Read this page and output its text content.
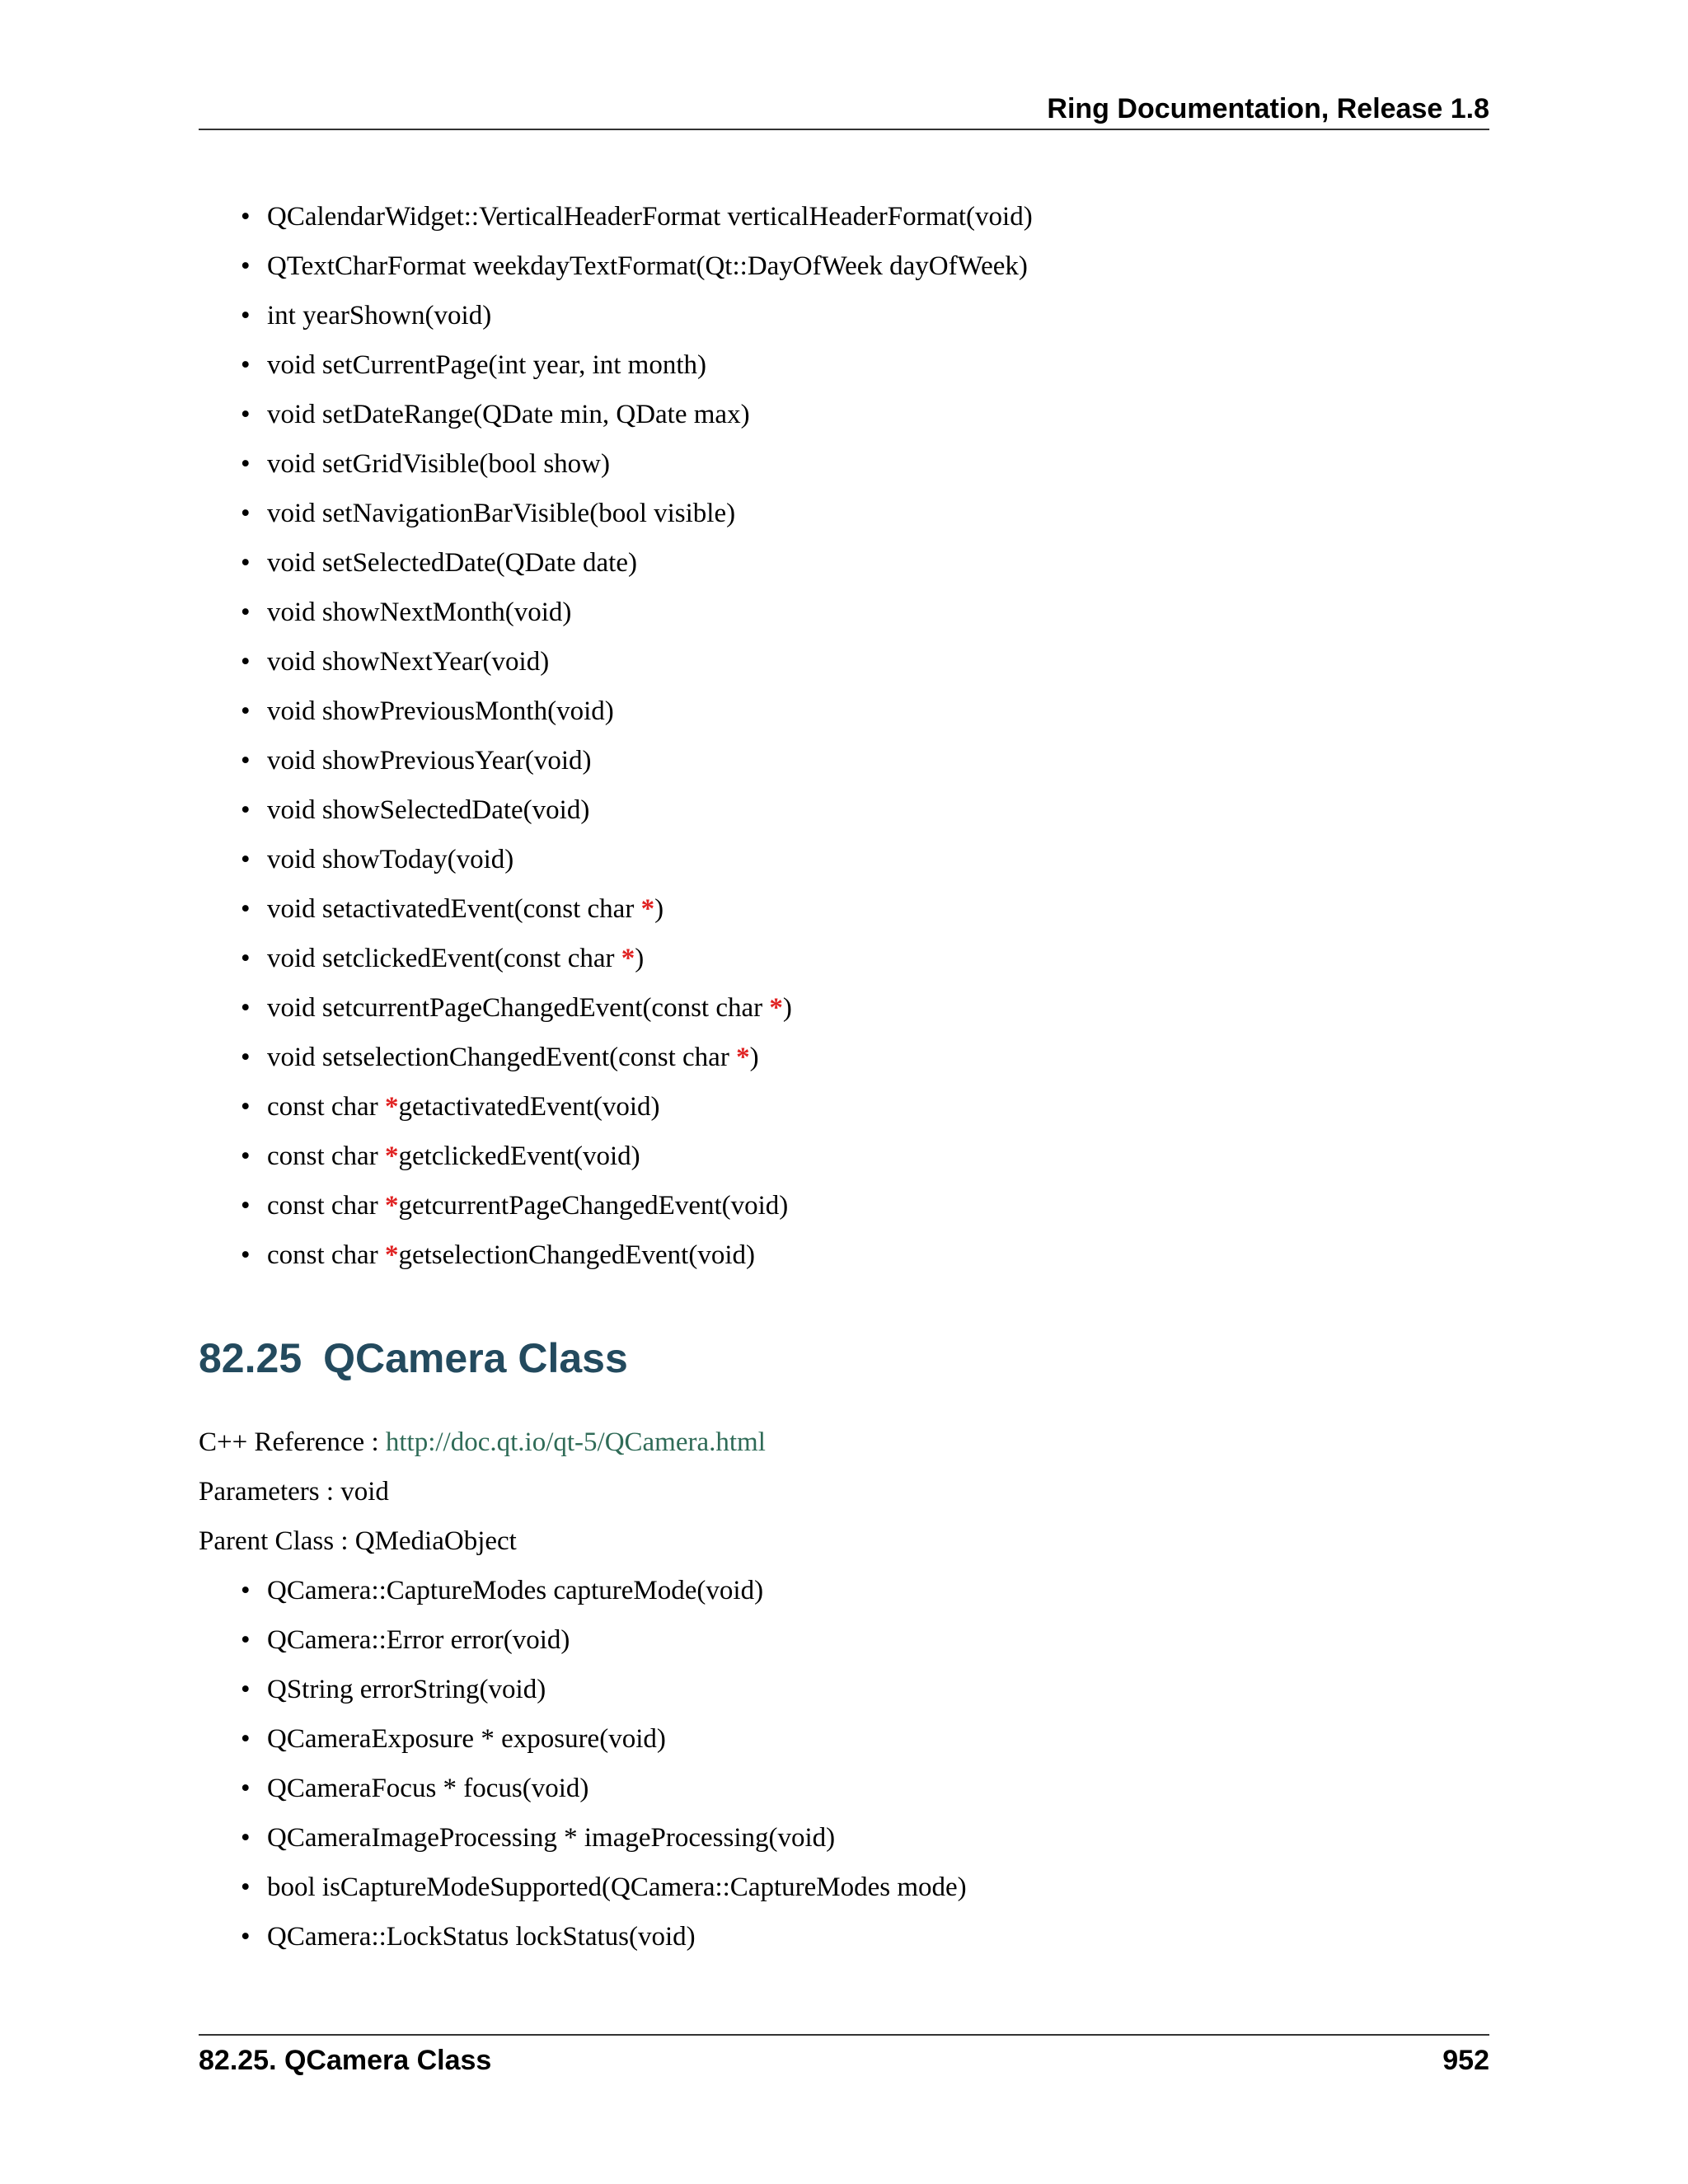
Ring Documentation, Release 1.8
• QCalendarWidget::VerticalHeaderFormat verticalHeaderFormat(void)
• QTextCharFormat weekdayTextFormat(Qt::DayOfWeek dayOfWeek)
• int yearShown(void)
• void setCurrentPage(int year, int month)
• void setDateRange(QDate min, QDate max)
• void setGridVisible(bool show)
• void setNavigationBarVisible(bool visible)
• void setSelectedDate(QDate date)
• void showNextMonth(void)
• void showNextYear(void)
• void showPreviousMonth(void)
• void showPreviousYear(void)
• void showSelectedDate(void)
• void showToday(void)
• void setactivatedEvent(const char *)
• void setclickedEvent(const char *)
• void setcurrentPageChangedEvent(const char *)
• void setselectionChangedEvent(const char *)
• const char *getactivatedEvent(void)
• const char *getclickedEvent(void)
• const char *getcurrentPageChangedEvent(void)
• const char *getselectionChangedEvent(void)
82.25 QCamera Class
C++ Reference : http://doc.qt.io/qt-5/QCamera.html
Parameters : void
Parent Class : QMediaObject
• QCamera::CaptureModes captureMode(void)
• QCamera::Error error(void)
• QString errorString(void)
• QCameraExposure * exposure(void)
• QCameraFocus * focus(void)
• QCameraImageProcessing * imageProcessing(void)
• bool isCaptureModeSupported(QCamera::CaptureModes mode)
• QCamera::LockStatus lockStatus(void)
82.25. QCamera Class	952
